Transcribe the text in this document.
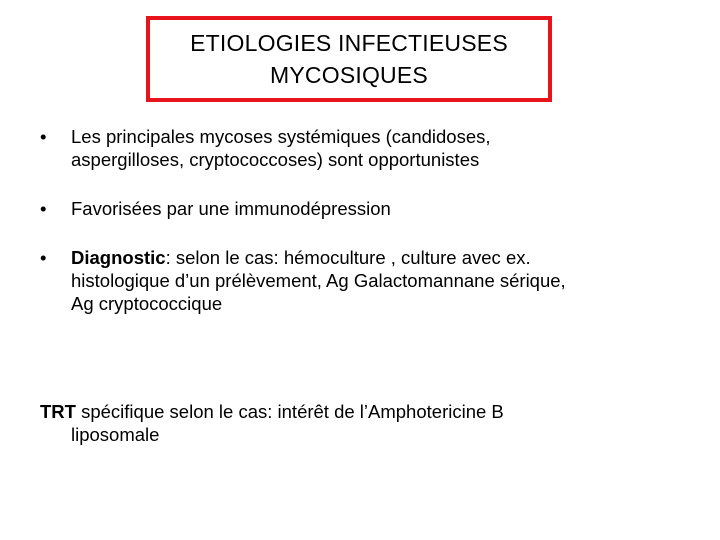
ETIOLOGIES INFECTIEUSES
MYCOSIQUES
• Les principales mycoses systémiques (candidoses,
aspergilloses, cryptococcoses) sont opportunistes
• Favorisées par une immunodépression
• Diagnostic: selon le cas: hémoculture , culture avec ex.
histologique d’un prélèvement, Ag Galactomannane sérique,
Ag cryptococcique
TRT spécifique selon le cas: intérêt de l’Amphotericine B
liposomale
